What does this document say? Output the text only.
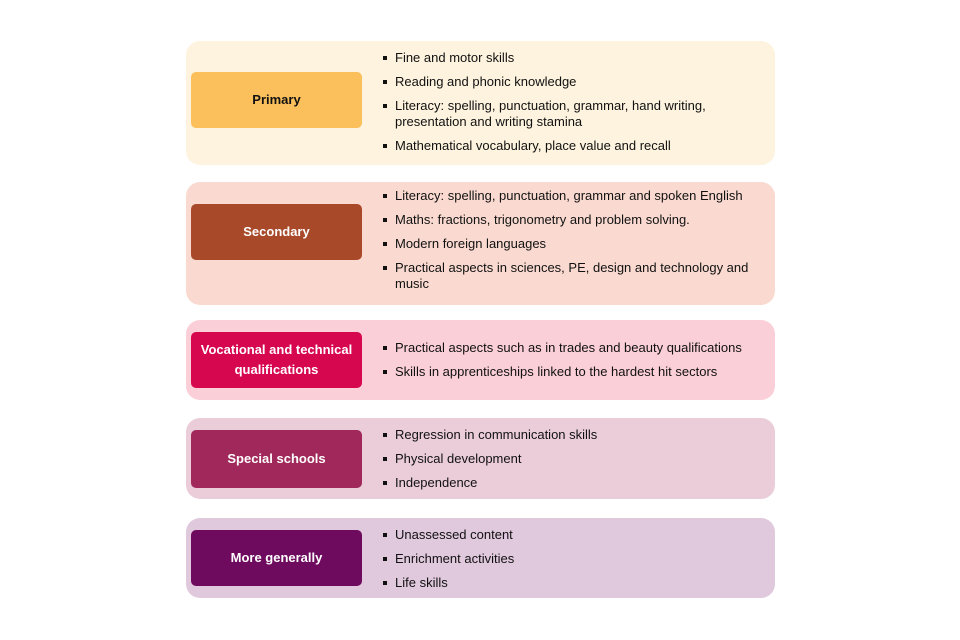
Primary
Fine and motor skills
Reading and phonic knowledge
Literacy: spelling, punctuation, grammar, hand writing, presentation and writing stamina
Mathematical vocabulary, place value and recall
Secondary
Literacy: spelling, punctuation, grammar and spoken English
Maths: fractions, trigonometry and problem solving.
Modern foreign languages
Practical aspects in sciences, PE, design and technology and music
Vocational and technical qualifications
Practical aspects such as in trades and beauty qualifications
Skills in apprenticeships linked to the hardest hit sectors
Special schools
Regression in communication skills
Physical development
Independence
More generally
Unassessed content
Enrichment activities
Life skills
